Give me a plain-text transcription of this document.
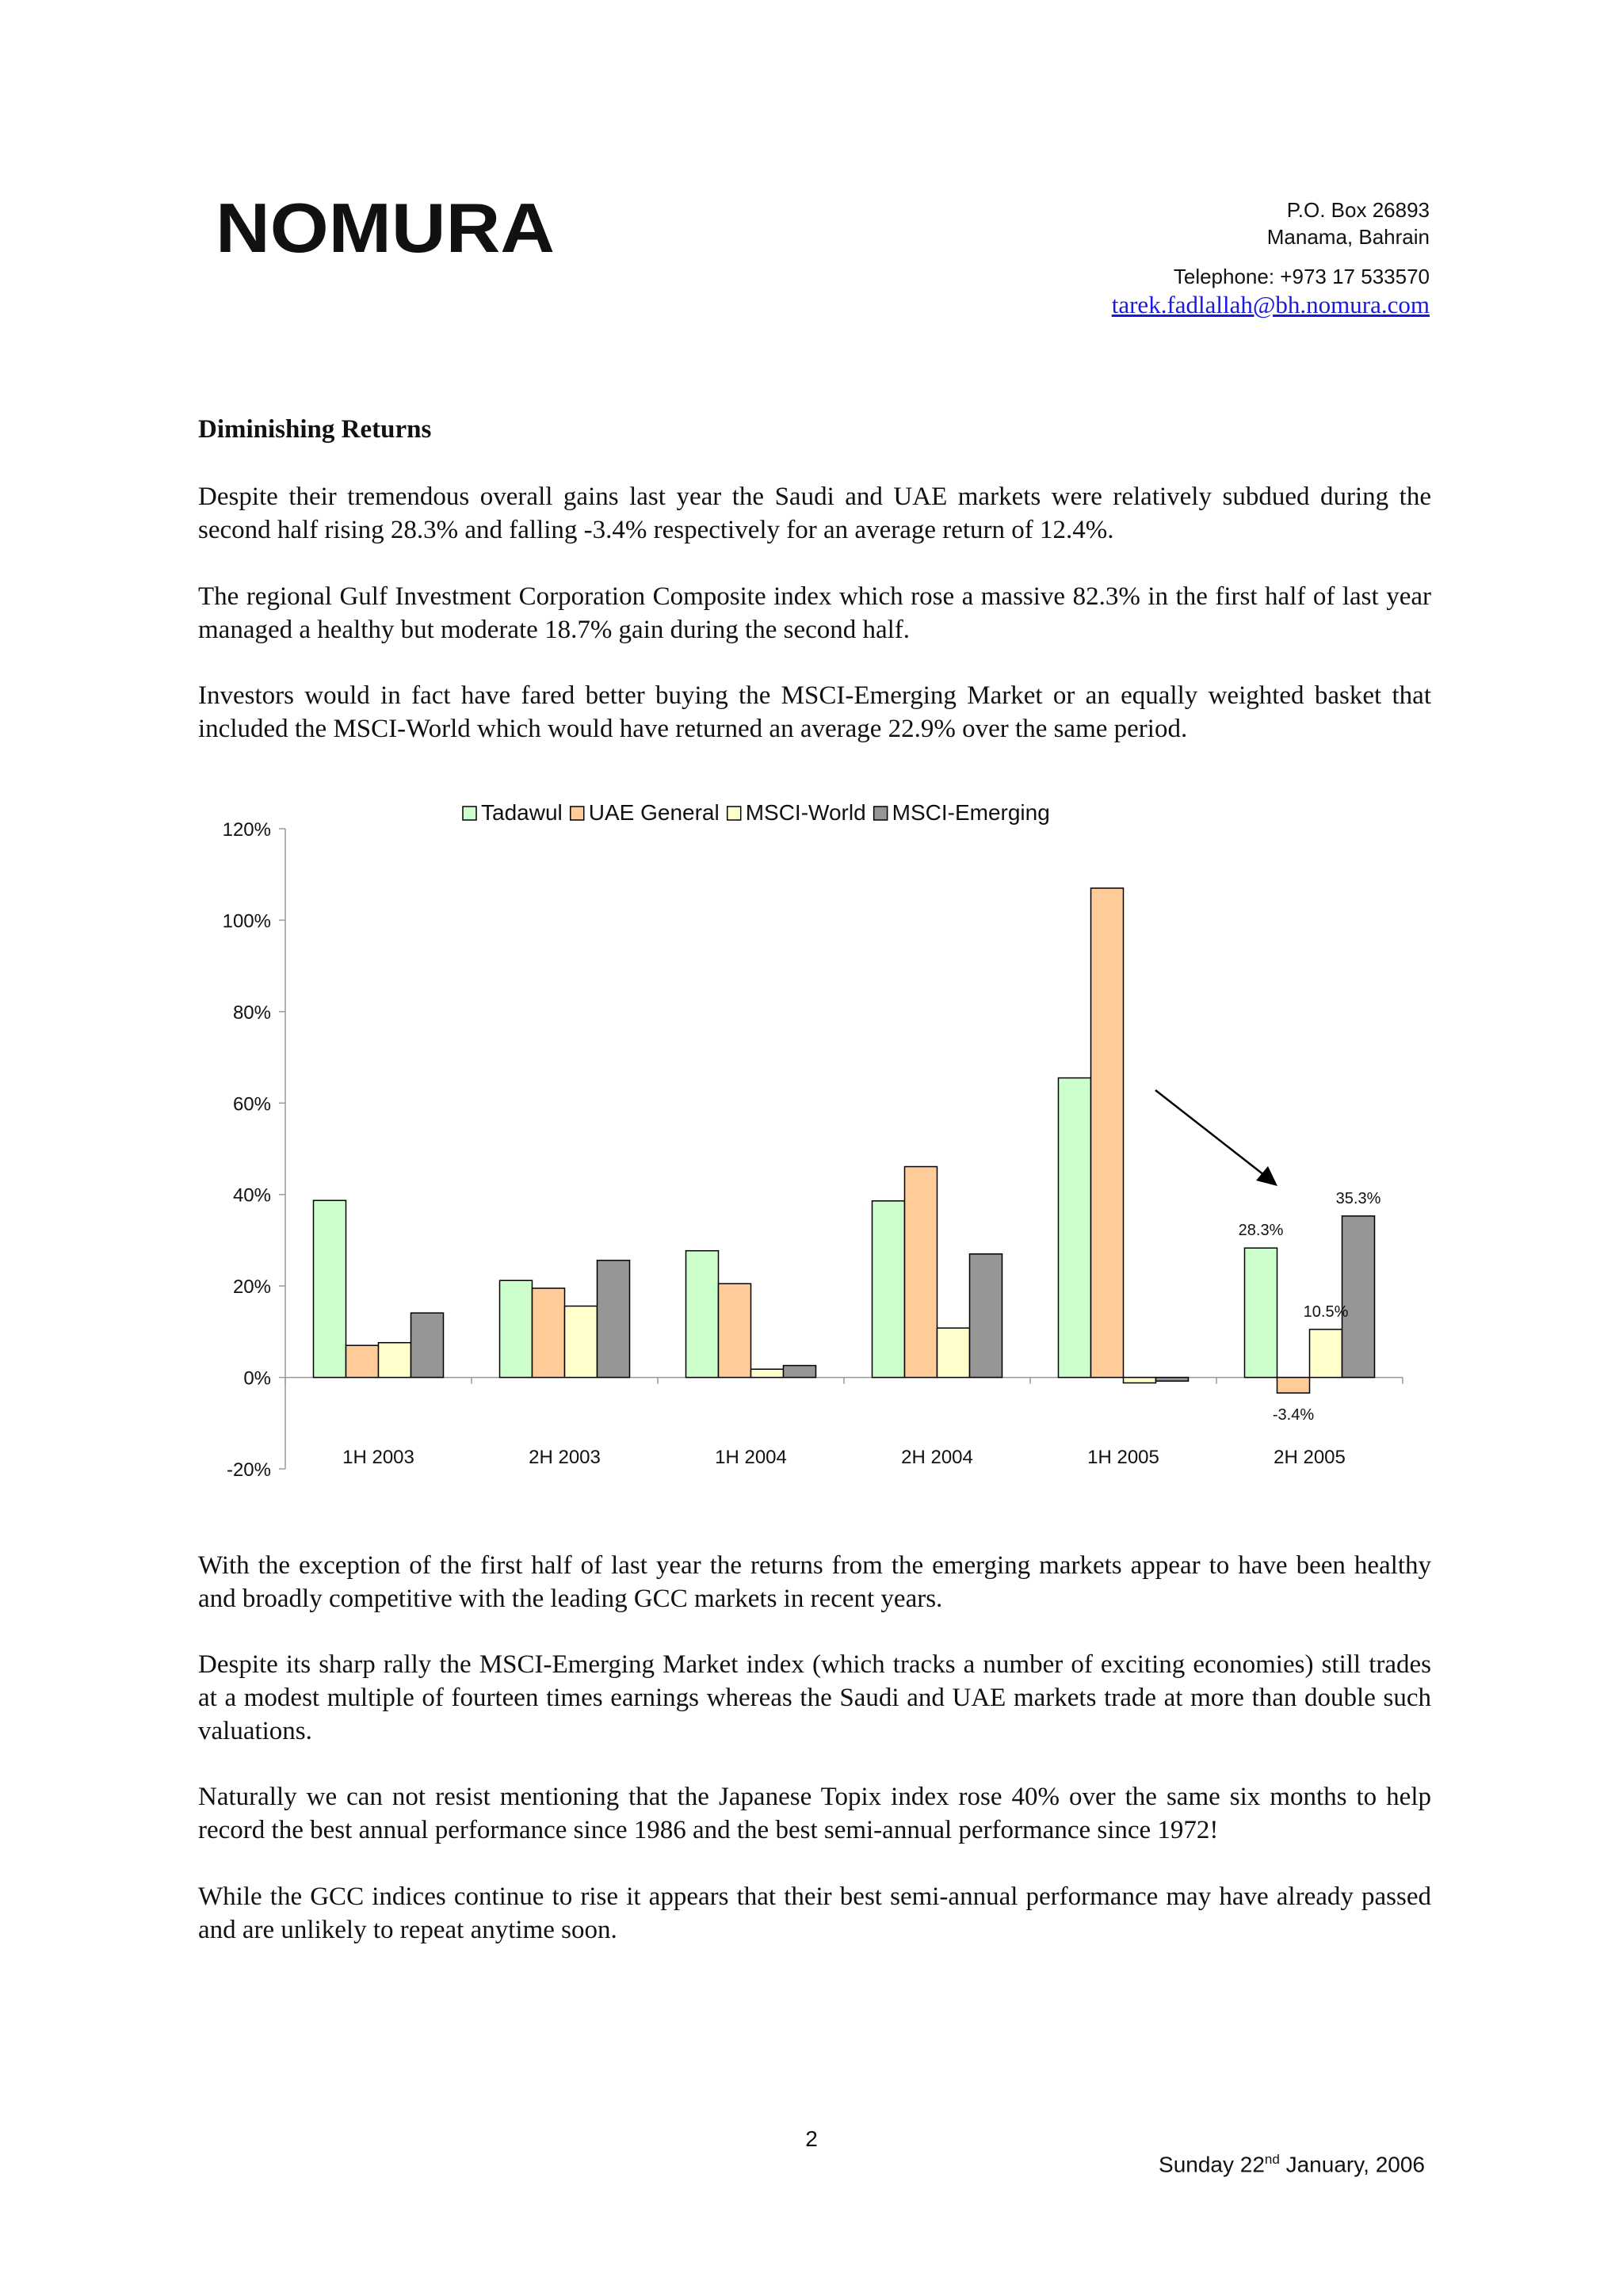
NOMURA	P.O. Box 26893
Manama, Bahrain
Telephone: +973 17 533570
tarek.fadlallah@bh.nomura.com
Diminishing Returns

Despite their tremendous overall gains last year the Saudi and UAE markets were relatively subdued during the second half rising 28.3% and falling -3.4% respectively for an average return of 12.4%.

The regional Gulf Investment Corporation Composite index which rose a massive 82.3% in the first half of last year managed a healthy but moderate 18.7% gain during the second half.

Investors would in fact have fared better buying the MSCI-Emerging Market or an equally weighted basket that included the MSCI-World which would have returned an average 22.9% over the same period.

120%
100%
80%
60%
40%
20%
0%
-20%
1H 2003	2H 2003	1H 2004	2H 2004	1H 2005	2H 2005
28.3%
-3.4%
10.5%
35.3%
Tadawul UAE General MSCI-World MSCI-Emerging

With the exception of the first half of last year the returns from the emerging markets appear to have been healthy and broadly competitive with the leading GCC markets in recent years.

Despite its sharp rally the MSCI-Emerging Market index (which tracks a number of exciting economies) still trades at a modest multiple of fourteen times earnings whereas the Saudi and UAE markets trade at more than double such valuations.

Naturally we can not resist mentioning that the Japanese Topix index rose 40% over the same six months to help record the best annual performance since 1986 and the best semi-annual performance since 1972!

While the GCC indices continue to rise it appears that their best semi-annual performance may have already passed and are unlikely to repeat anytime soon.

2
Sunday 22nd January, 2006
